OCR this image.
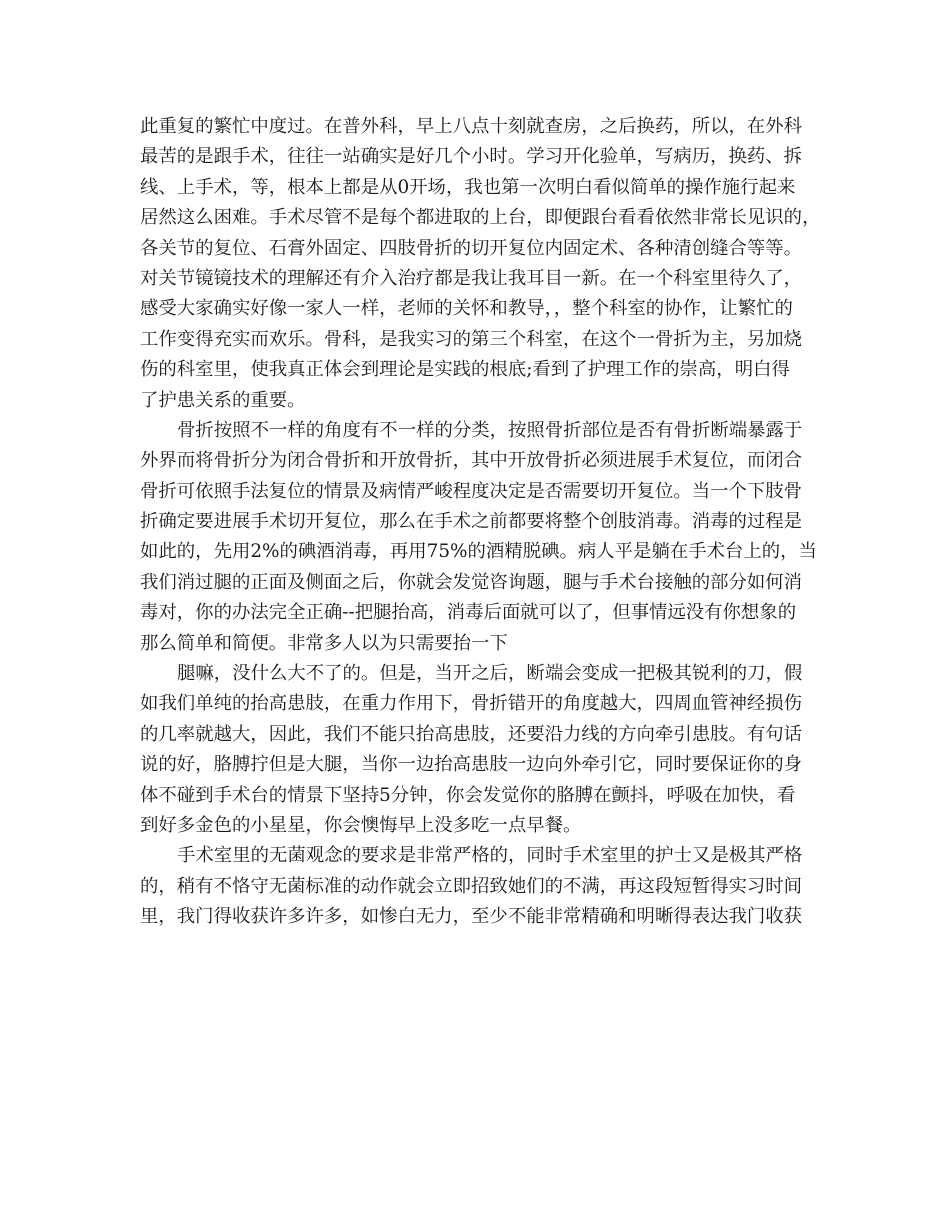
此重复的繁忙中度过。在普外科，早上八点十刻就查房，之后换药，所以，在外科
最苦的是跟手术，往往一站确实是好几个小时。学习开化验单，写病历，换药、拆
线、上手术，等，根本上都是从0开场，我也第一次明白看似简单的操作施行起来
居然这么困难。手术尽管不是每个都进取的上台，即便跟台看看依然非常长见识的，
各关节的复位、石膏外固定、四肢骨折的切开复位内固定术、各种清创缝合等等。
对关节镜镜技术的理解还有介入治疗都是我让我耳目一新。在一个科室里待久了，
感受大家确实好像一家人一样，老师的关怀和教导，，整个科室的协作，让繁忙的
工作变得充实而欢乐。骨科，是我实习的第三个科室，在这个一骨折为主，另加烧
伤的科室里，使我真正体会到理论是实践的根底;看到了护理工作的崇高，明白得
了护患关系的重要。
骨折按照不一样的角度有不一样的分类，按照骨折部位是否有骨折断端暴露于
外界而将骨折分为闭合骨折和开放骨折，其中开放骨折必须进展手术复位，而闭合
骨折可依照手法复位的情景及病情严峻程度决定是否需要切开复位。当一个下肢骨
折确定要进展手术切开复位，那么在手术之前都要将整个创肢消毒。消毒的过程是
如此的，先用2%的碘酒消毒，再用75%的酒精脱碘。病人平是躺在手术台上的，当
我们消过腿的正面及侧面之后，你就会发觉咨询题，腿与手术台接触的部分如何消
毒对，你的办法完全正确--把腿抬高，消毒后面就可以了，但事情远没有你想象的
那么简单和简便。非常多人以为只需要抬一下
腿嘛，没什么大不了的。但是，当开之后，断端会变成一把极其锐利的刀，假
如我们单纯的抬高患肢，在重力作用下，骨折错开的角度越大，四周血管神经损伤
的几率就越大，因此，我们不能只抬高患肢，还要沿力线的方向牵引患肢。有句话
说的好，胳膊拧但是大腿，当你一边抬高患肢一边向外牵引它，同时要保证你的身
体不碰到手术台的情景下坚持5分钟，你会发觉你的胳膊在颤抖，呼吸在加快，看
到好多金色的小星星，你会懊悔早上没多吃一点早餐。
手术室里的无菌观念的要求是非常严格的，同时手术室里的护士又是极其严格
的，稍有不恪守无菌标准的动作就会立即招致她们的不满，再这段短暂得实习时间
里，我门得收获许多许多，如惨白无力，至少不能非常精确和明晰得表达我门收获
